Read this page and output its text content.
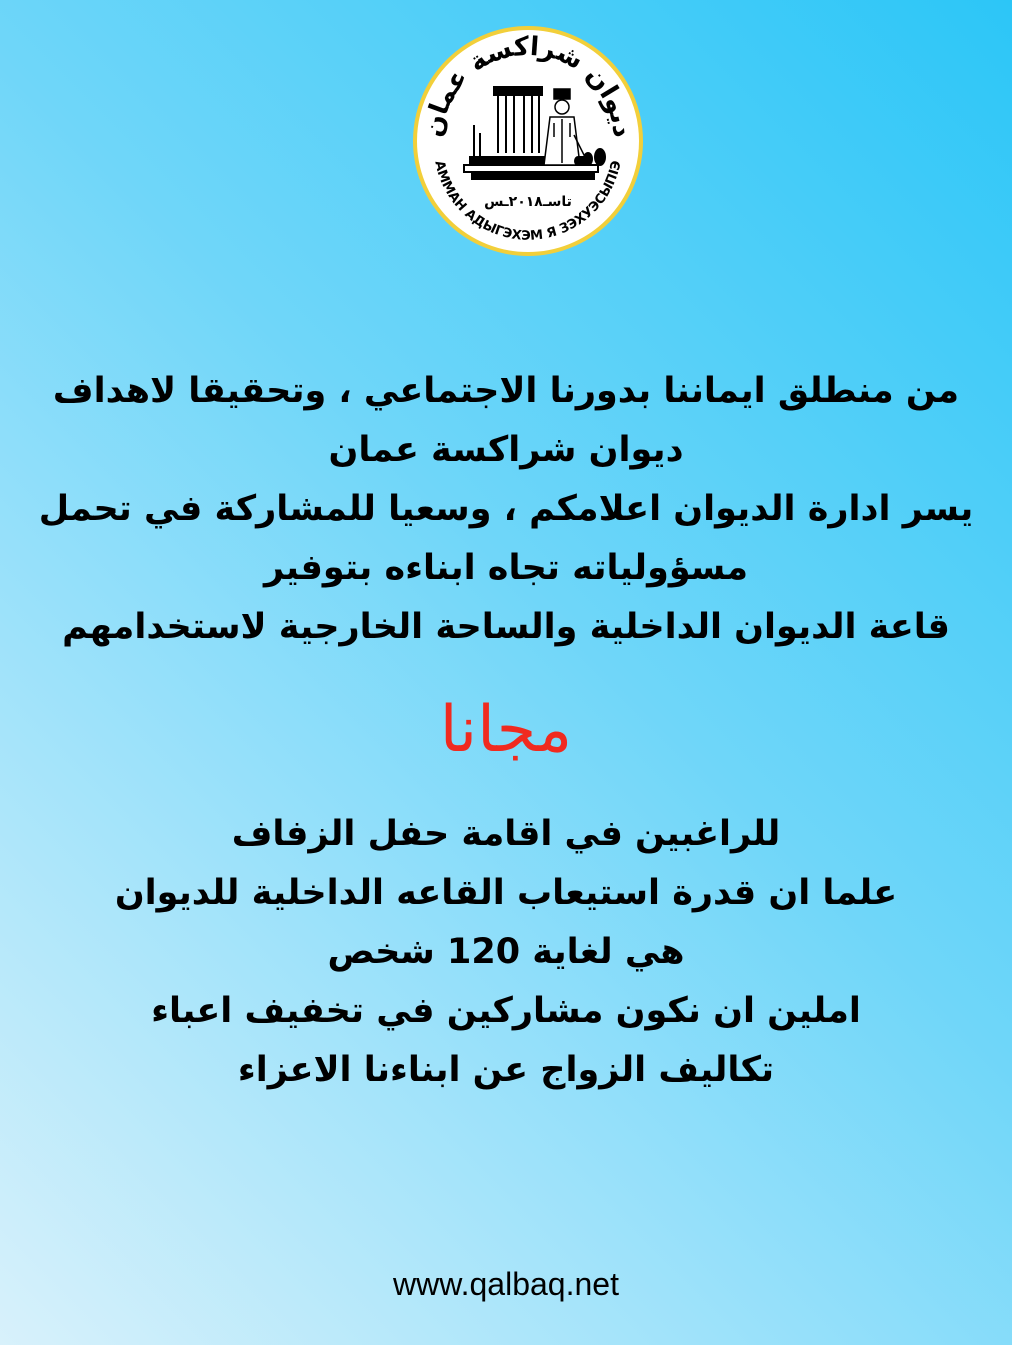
ديوان شراكسة عمان
АММАН АДЫГЭХЭМ Я ЗЭХУЭСЫПІЭ
تاسـ٢٠١٨ـس
من منطلق ايماننا بدورنا الاجتماعي ، وتحقيقا لاهداف
ديوان شراكسة عمان
يسر ادارة الديوان اعلامكم ، وسعيا للمشاركة في تحمل
مسؤولياته تجاه ابناءه بتوفير
قاعة الديوان الداخلية والساحة الخارجية لاستخدامهم
مجانا
للراغبين في اقامة حفل الزفاف
علما ان قدرة استيعاب القاعه الداخلية للديوان
هي لغاية 120 شخص
املين ان نكون مشاركين في تخفيف اعباء
تكاليف الزواج عن ابناءنا الاعزاء
www.qalbaq.net
